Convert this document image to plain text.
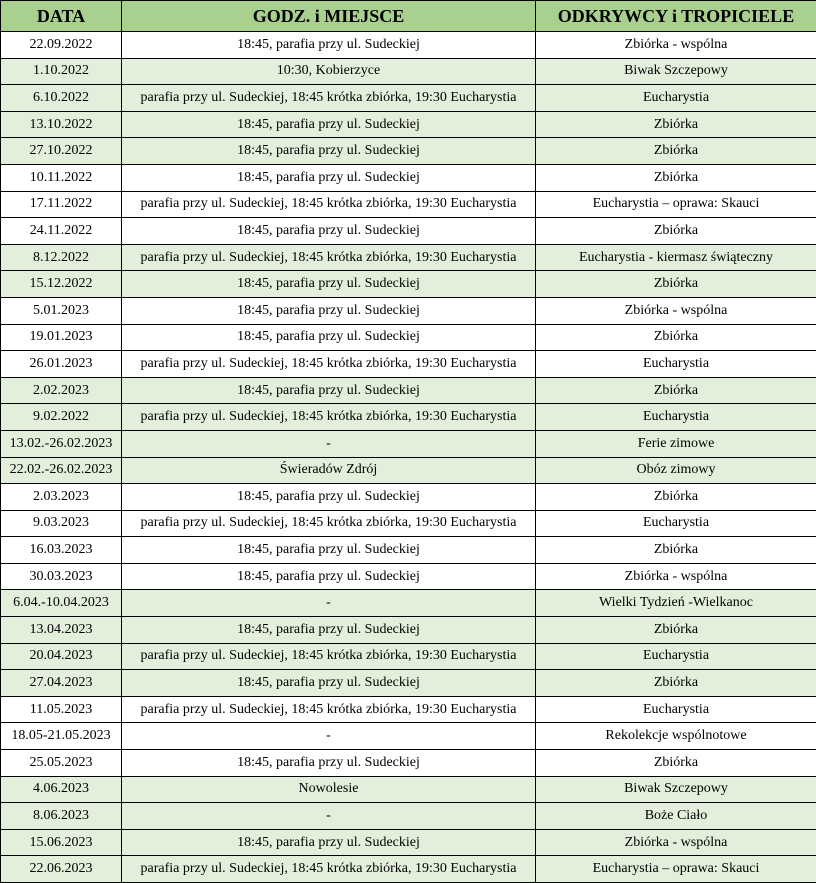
DATA	GODZ. i MIEJSCE	ODKRYWCY i TROPICIELE
22.09.2022	18:45, parafia przy ul. Sudeckiej	Zbiórka - wspólna
1.10.2022	10:30, Kobierzyce	Biwak Szczepowy
6.10.2022	parafia przy ul. Sudeckiej, 18:45 krótka zbiórka, 19:30 Eucharystia	Eucharystia
13.10.2022	18:45, parafia przy ul. Sudeckiej	Zbiórka
27.10.2022	18:45, parafia przy ul. Sudeckiej	Zbiórka
10.11.2022	18:45, parafia przy ul. Sudeckiej	Zbiórka
17.11.2022	parafia przy ul. Sudeckiej, 18:45 krótka zbiórka, 19:30 Eucharystia	Eucharystia – oprawa: Skauci
24.11.2022	18:45, parafia przy ul. Sudeckiej	Zbiórka
8.12.2022	parafia przy ul. Sudeckiej, 18:45 krótka zbiórka, 19:30 Eucharystia	Eucharystia - kiermasz świąteczny
15.12.2022	18:45, parafia przy ul. Sudeckiej	Zbiórka
5.01.2023	18:45, parafia przy ul. Sudeckiej	Zbiórka - wspólna
19.01.2023	18:45, parafia przy ul. Sudeckiej	Zbiórka
26.01.2023	parafia przy ul. Sudeckiej, 18:45 krótka zbiórka, 19:30 Eucharystia	Eucharystia
2.02.2023	18:45, parafia przy ul. Sudeckiej	Zbiórka
9.02.2022	parafia przy ul. Sudeckiej, 18:45 krótka zbiórka, 19:30 Eucharystia	Eucharystia
13.02.-26.02.2023	-	Ferie zimowe
22.02.-26.02.2023	Świeradów Zdrój	Obóz zimowy
2.03.2023	18:45, parafia przy ul. Sudeckiej	Zbiórka
9.03.2023	parafia przy ul. Sudeckiej, 18:45 krótka zbiórka, 19:30 Eucharystia	Eucharystia
16.03.2023	18:45, parafia przy ul. Sudeckiej	Zbiórka
30.03.2023	18:45, parafia przy ul. Sudeckiej	Zbiórka - wspólna
6.04.-10.04.2023	-	Wielki Tydzień -Wielkanoc
13.04.2023	18:45, parafia przy ul. Sudeckiej	Zbiórka
20.04.2023	parafia przy ul. Sudeckiej, 18:45 krótka zbiórka, 19:30 Eucharystia	Eucharystia
27.04.2023	18:45, parafia przy ul. Sudeckiej	Zbiórka
11.05.2023	parafia przy ul. Sudeckiej, 18:45 krótka zbiórka, 19:30 Eucharystia	Eucharystia
18.05-21.05.2023	-	Rekolekcje wspólnotowe
25.05.2023	18:45, parafia przy ul. Sudeckiej	Zbiórka
4.06.2023	Nowolesie	Biwak Szczepowy
8.06.2023	-	Boże Ciało
15.06.2023	18:45, parafia przy ul. Sudeckiej	Zbiórka - wspólna
22.06.2023	parafia przy ul. Sudeckiej, 18:45 krótka zbiórka, 19:30 Eucharystia	Eucharystia – oprawa: Skauci
